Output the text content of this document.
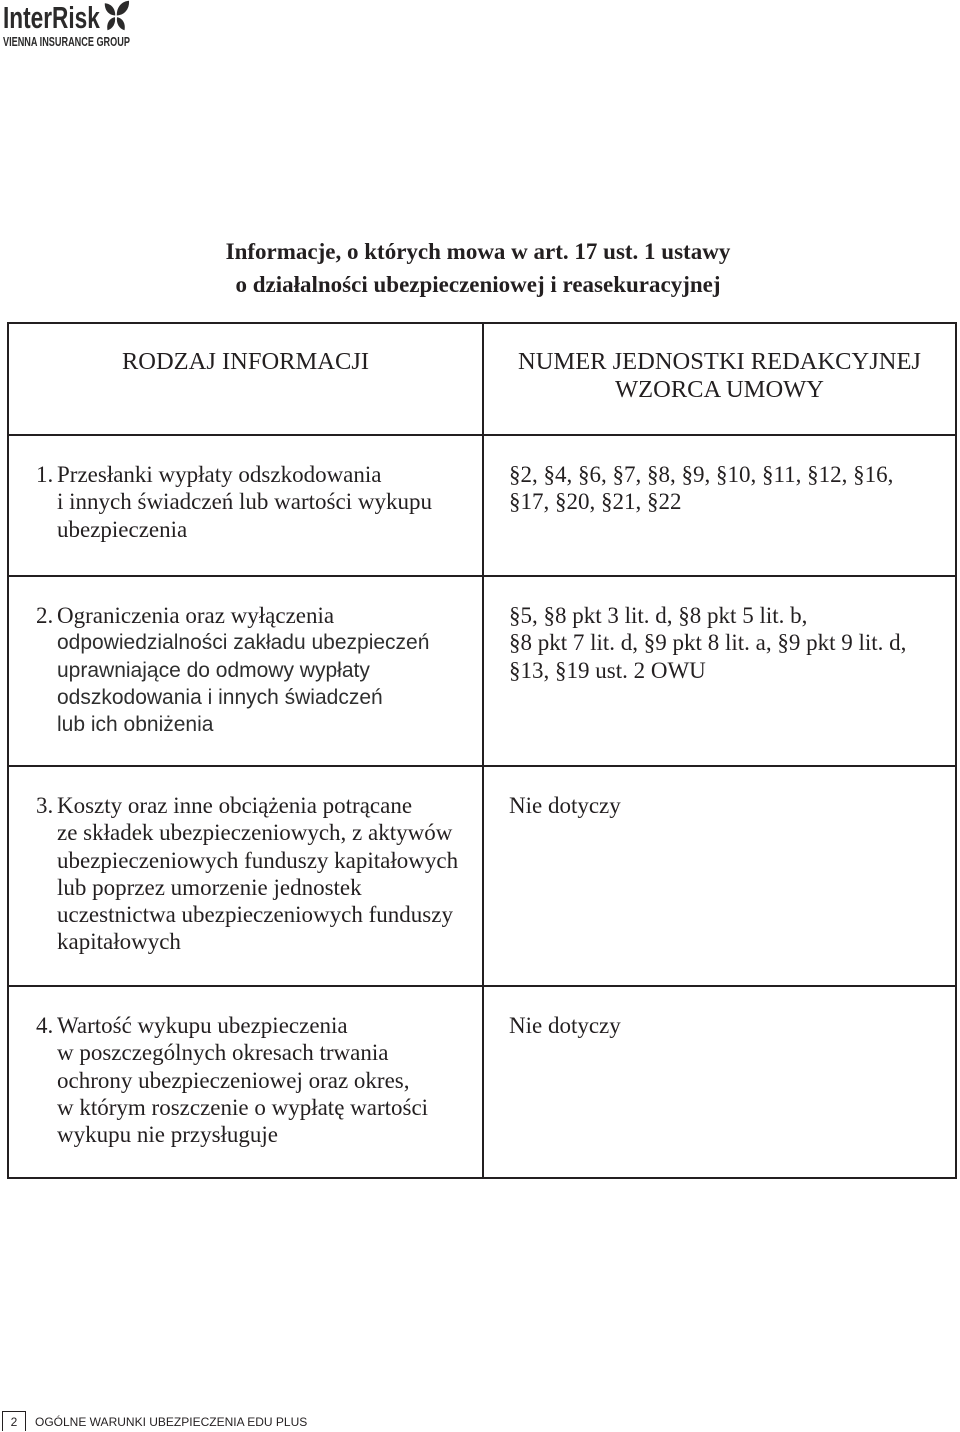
InterRisk
VIENNA INSURANCE GROUP
Informacje, o których mowa w art. 17 ust. 1 ustawy
o działalności ubezpieczeniowej i reasekuracyjnej
RODZAJ INFORMACJI	NUMER JEDNOSTKI REDAKCYJNEJ
WZORCA UMOWY
1. Przesłanki wypłaty odszkodowania
i innych świadczeń lub wartości wykupu
ubezpieczenia
§2, §4, §6, §7, §8, §9, §10, §11, §12, §16,
§17, §20, §21, §22
2. Ograniczenia oraz wyłączenia
odpowiedzialności zakładu ubezpieczeń
uprawniające do odmowy wypłaty
odszkodowania i innych świadczeń
lub ich obniżenia
§5, §8 pkt 3 lit. d, §8 pkt 5 lit. b,
§8 pkt 7 lit. d, §9 pkt 8 lit. a, §9 pkt 9 lit. d,
§13, §19 ust. 2 OWU
3. Koszty oraz inne obciążenia potrącane
ze składek ubezpieczeniowych, z aktywów
ubezpieczeniowych funduszy kapitałowych
lub poprzez umorzenie jednostek
uczestnictwa ubezpieczeniowych funduszy
kapitałowych
Nie dotyczy
4. Wartość wykupu ubezpieczenia
w poszczególnych okresach trwania
ochrony ubezpieczeniowej oraz okres,
w którym roszczenie o wypłatę wartości
wykupu nie przysługuje
Nie dotyczy
2	OGÓLNE WARUNKI UBEZPIECZENIA EDU PLUS
